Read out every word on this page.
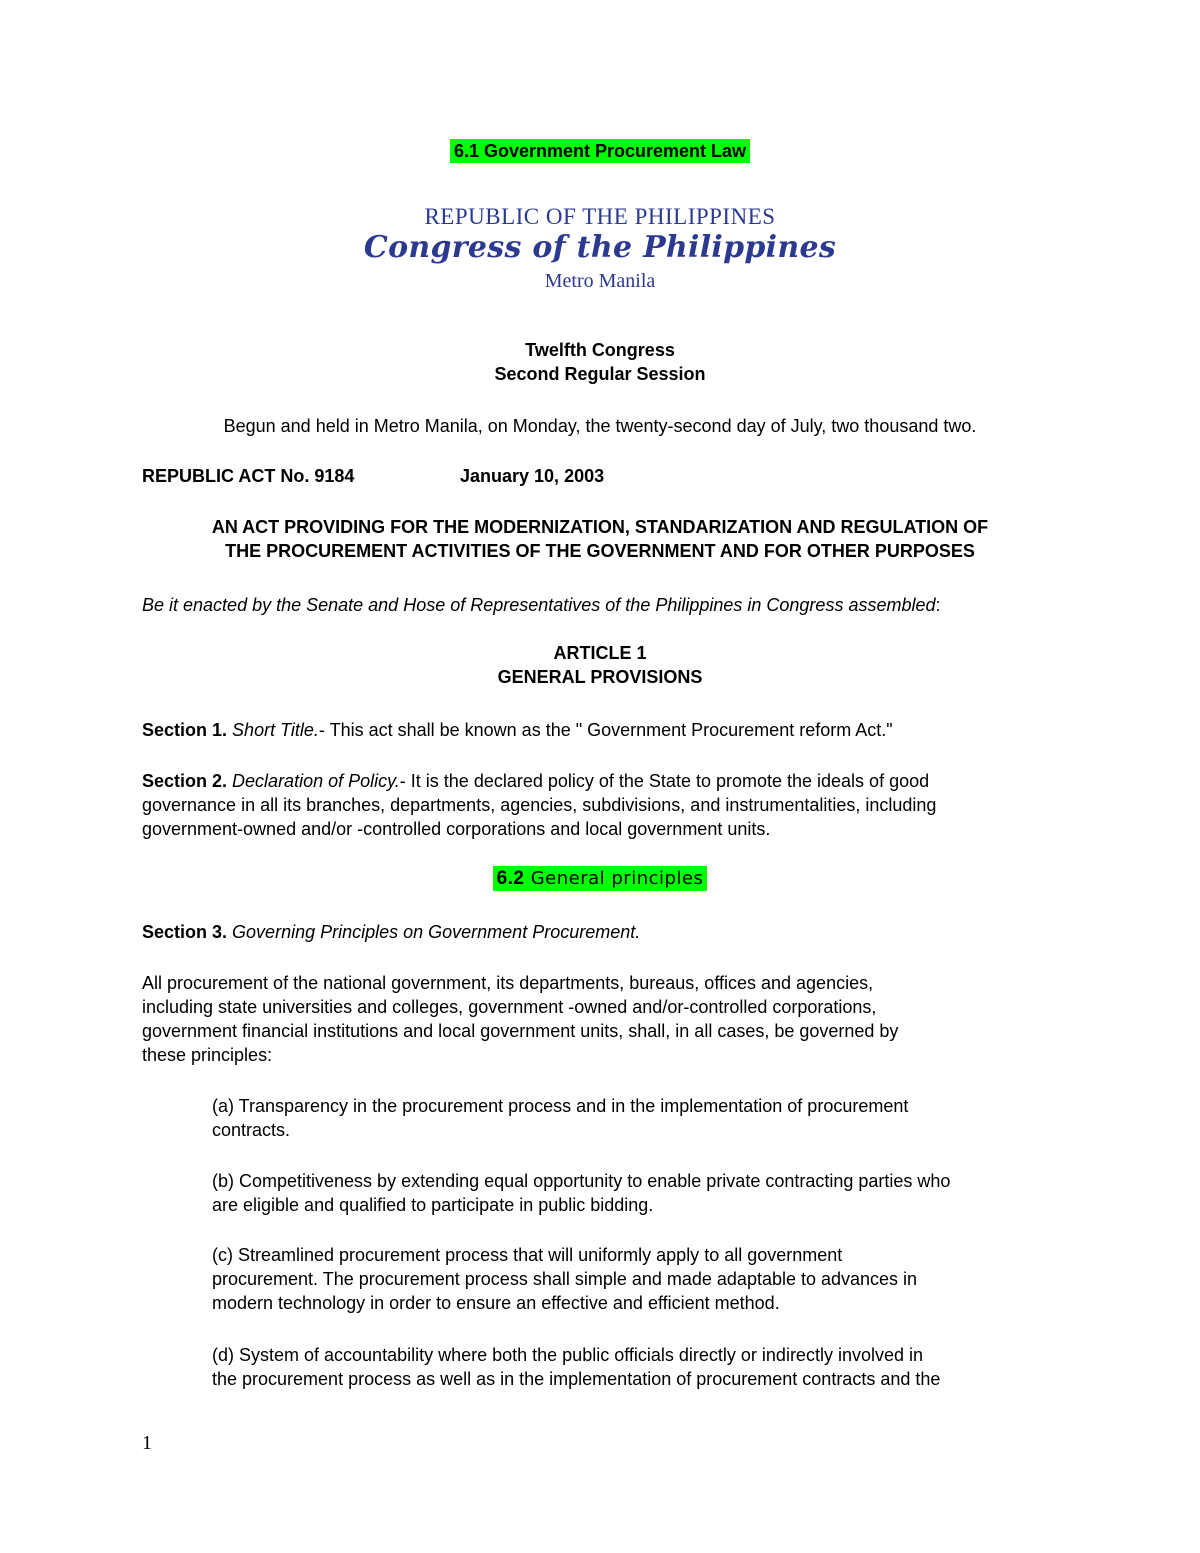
6.1 Government Procurement Law
REPUBLIC OF THE PHILIPPINES
Congress of the Philippines
Metro Manila
Twelfth Congress
Second Regular Session
Begun and held in Metro Manila, on Monday, the twenty-second day of July, two thousand two.
REPUBLIC ACT No. 9184	January 10, 2003
AN ACT PROVIDING FOR THE MODERNIZATION, STANDARIZATION AND REGULATION OF
THE PROCUREMENT ACTIVITIES OF THE GOVERNMENT AND FOR OTHER PURPOSES
Be it enacted by the Senate and Hose of Representatives of the Philippines in Congress assembled:
ARTICLE 1
GENERAL PROVISIONS
Section 1. Short Title.- This act shall be known as the " Government Procurement reform Act."
Section 2. Declaration of Policy.- It is the declared policy of the State to promote the ideals of good
governance in all its branches, departments, agencies, subdivisions, and instrumentalities, including
government-owned and/or -controlled corporations and local government units.
6.2 General principles
Section 3. Governing Principles on Government Procurement.
All procurement of the national government, its departments, bureaus, offices and agencies,
including state universities and colleges, government -owned and/or-controlled corporations,
government financial institutions and local government units, shall, in all cases, be governed by
these principles:
(a) Transparency in the procurement process and in the implementation of procurement
contracts.
(b) Competitiveness by extending equal opportunity to enable private contracting parties who
are eligible and qualified to participate in public bidding.
(c) Streamlined procurement process that will uniformly apply to all government
procurement. The procurement process shall simple and made adaptable to advances in
modern technology in order to ensure an effective and efficient method.
(d) System of accountability where both the public officials directly or indirectly involved in
the procurement process as well as in the implementation of procurement contracts and the
1
